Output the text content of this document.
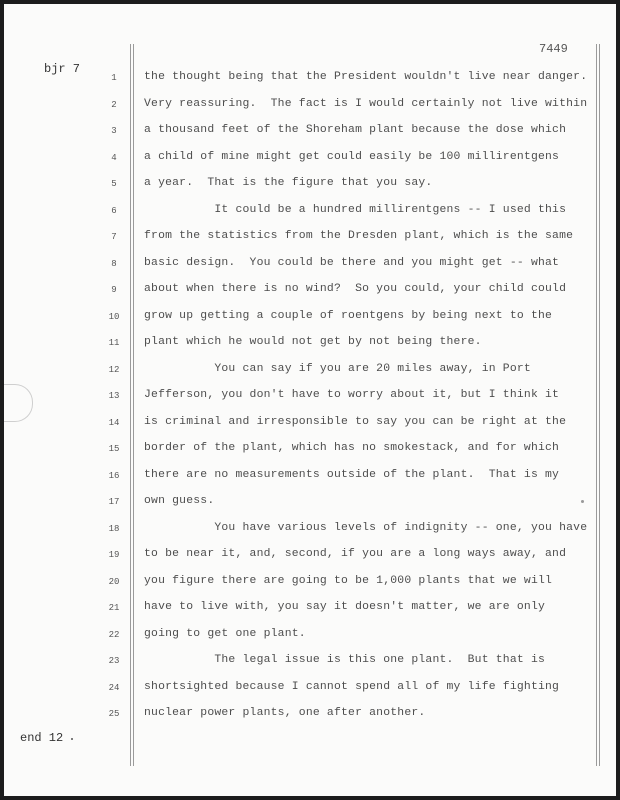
7449
bjr 7
1
2
3
4
5
6
7
8
9
10
11
12
13
14
15
16
17
18
19
20
21
22
23
24
25
the thought being that the President wouldn't live near danger.
Very reassuring.  The fact is I would certainly not live within
a thousand feet of the Shoreham plant because the dose which
a child of mine might get could easily be 100 millirentgens
a year.  That is the figure that you say.
It could be a hundred millirentgens -- I used this
from the statistics from the Dresden plant, which is the same
basic design.  You could be there and you might get -- what
about when there is no wind?  So you could, your child could
grow up getting a couple of roentgens by being next to the
plant which he would not get by not being there.
You can say if you are 20 miles away, in Port
Jefferson, you don't have to worry about it, but I think it
is criminal and irresponsible to say you can be right at the
border of the plant, which has no smokestack, and for which
there are no measurements outside of the plant.  That is my
own guess.
You have various levels of indignity -- one, you have
to be near it, and, second, if you are a long ways away, and
you figure there are going to be 1,000 plants that we will
have to live with, you say it doesn't matter, we are only
going to get one plant.
The legal issue is this one plant.  But that is
shortsighted because I cannot spend all of my life fighting
nuclear power plants, one after another.
end 12
